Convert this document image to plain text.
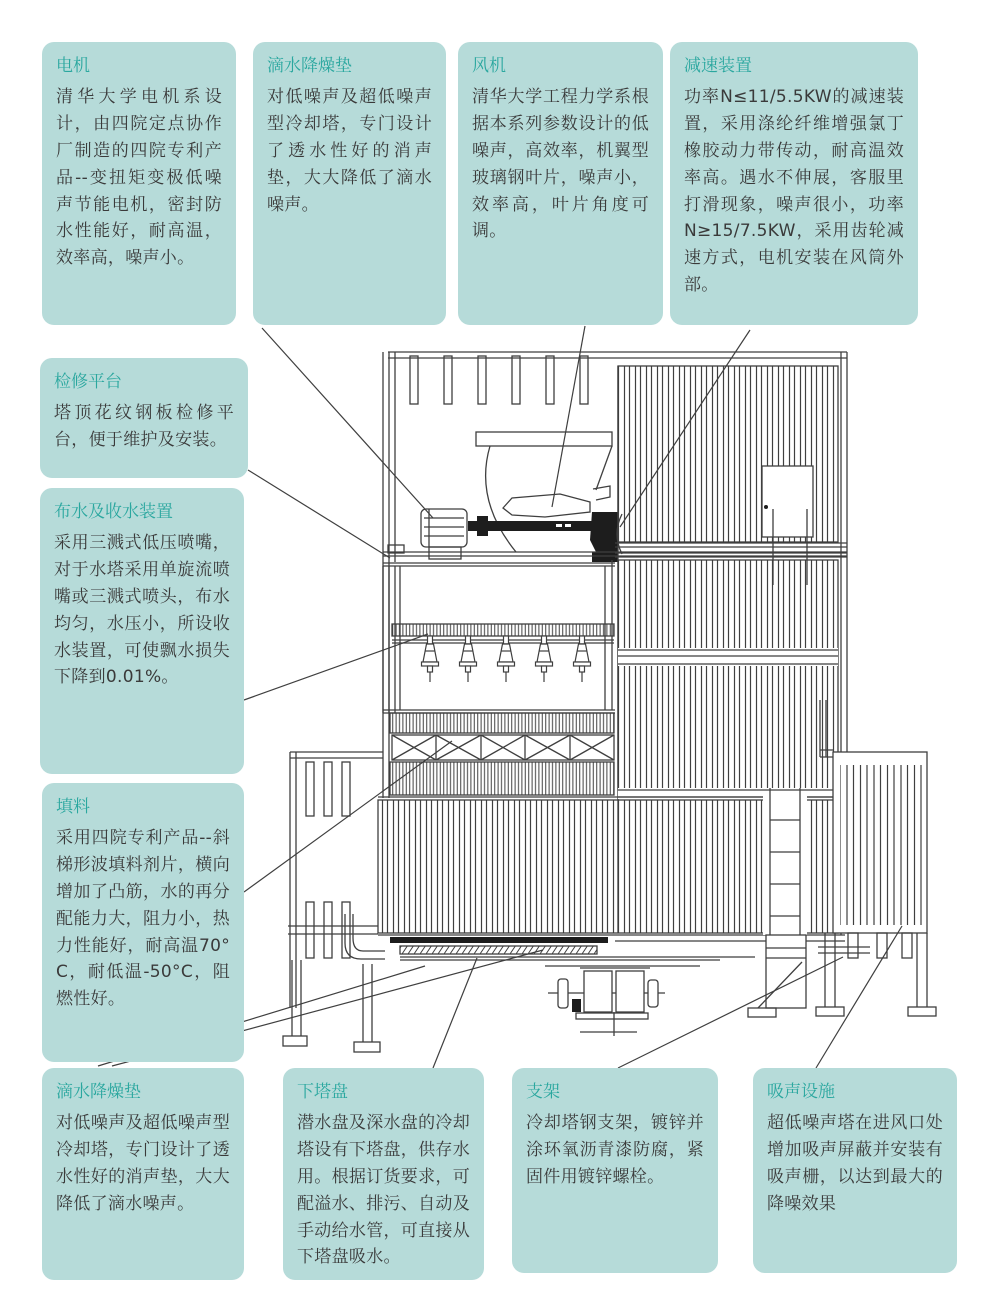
电机
清华大学电机系设计，由四院定点协作厂制造的四院专利产品--变扭矩变极低噪声节能电机，密封防水性能好，耐高温，效率高，噪声小。
滴水降燥垫
对低噪声及超低噪声型冷却塔，专门设计了透水性好的消声垫，大大降低了滴水噪声。
风机
清华大学工程力学系根据本系列参数设计的低噪声，高效率，机翼型玻璃钢叶片，噪声小，效率高，叶片角度可调。
减速装置
功率N≤11/5.5KW的减速装置，采用涤纶纤维增强氯丁橡胶动力带传动，耐高温效率高。遇水不伸展，客服里打滑现象，噪声很小，功率N≥15/7.5KW，采用齿轮减速方式，电机安装在风筒外部。
检修平台
塔顶花纹钢板检修平台，便于维护及安装。
布水及收水装置
采用三溅式低压喷嘴，对于水塔采用单旋流喷嘴或三溅式喷头，布水均匀，水压小，所设收水装置，可使飘水损失下降到0.01%。
填料
采用四院专利产品--斜梯形波填料剂片，横向增加了凸筋，水的再分配能力大，阻力小，热力性能好，耐高温70°C，耐低温-50°C，阻燃性好。
滴水降燥垫
对低噪声及超低噪声型冷却塔，专门设计了透水性好的消声垫，大大降低了滴水噪声。
下塔盘
潜水盘及深水盘的冷却塔设有下塔盘，供存水用。根据订货要求，可配溢水、排污、自动及手动给水管，可直接从下塔盘吸水。
支架
冷却塔钢支架，镀锌并涂环氧沥青漆防腐，紧固件用镀锌螺栓。
吸声设施
超低噪声塔在进风口处增加吸声屏蔽并安装有吸声栅，以达到最大的降噪效果
